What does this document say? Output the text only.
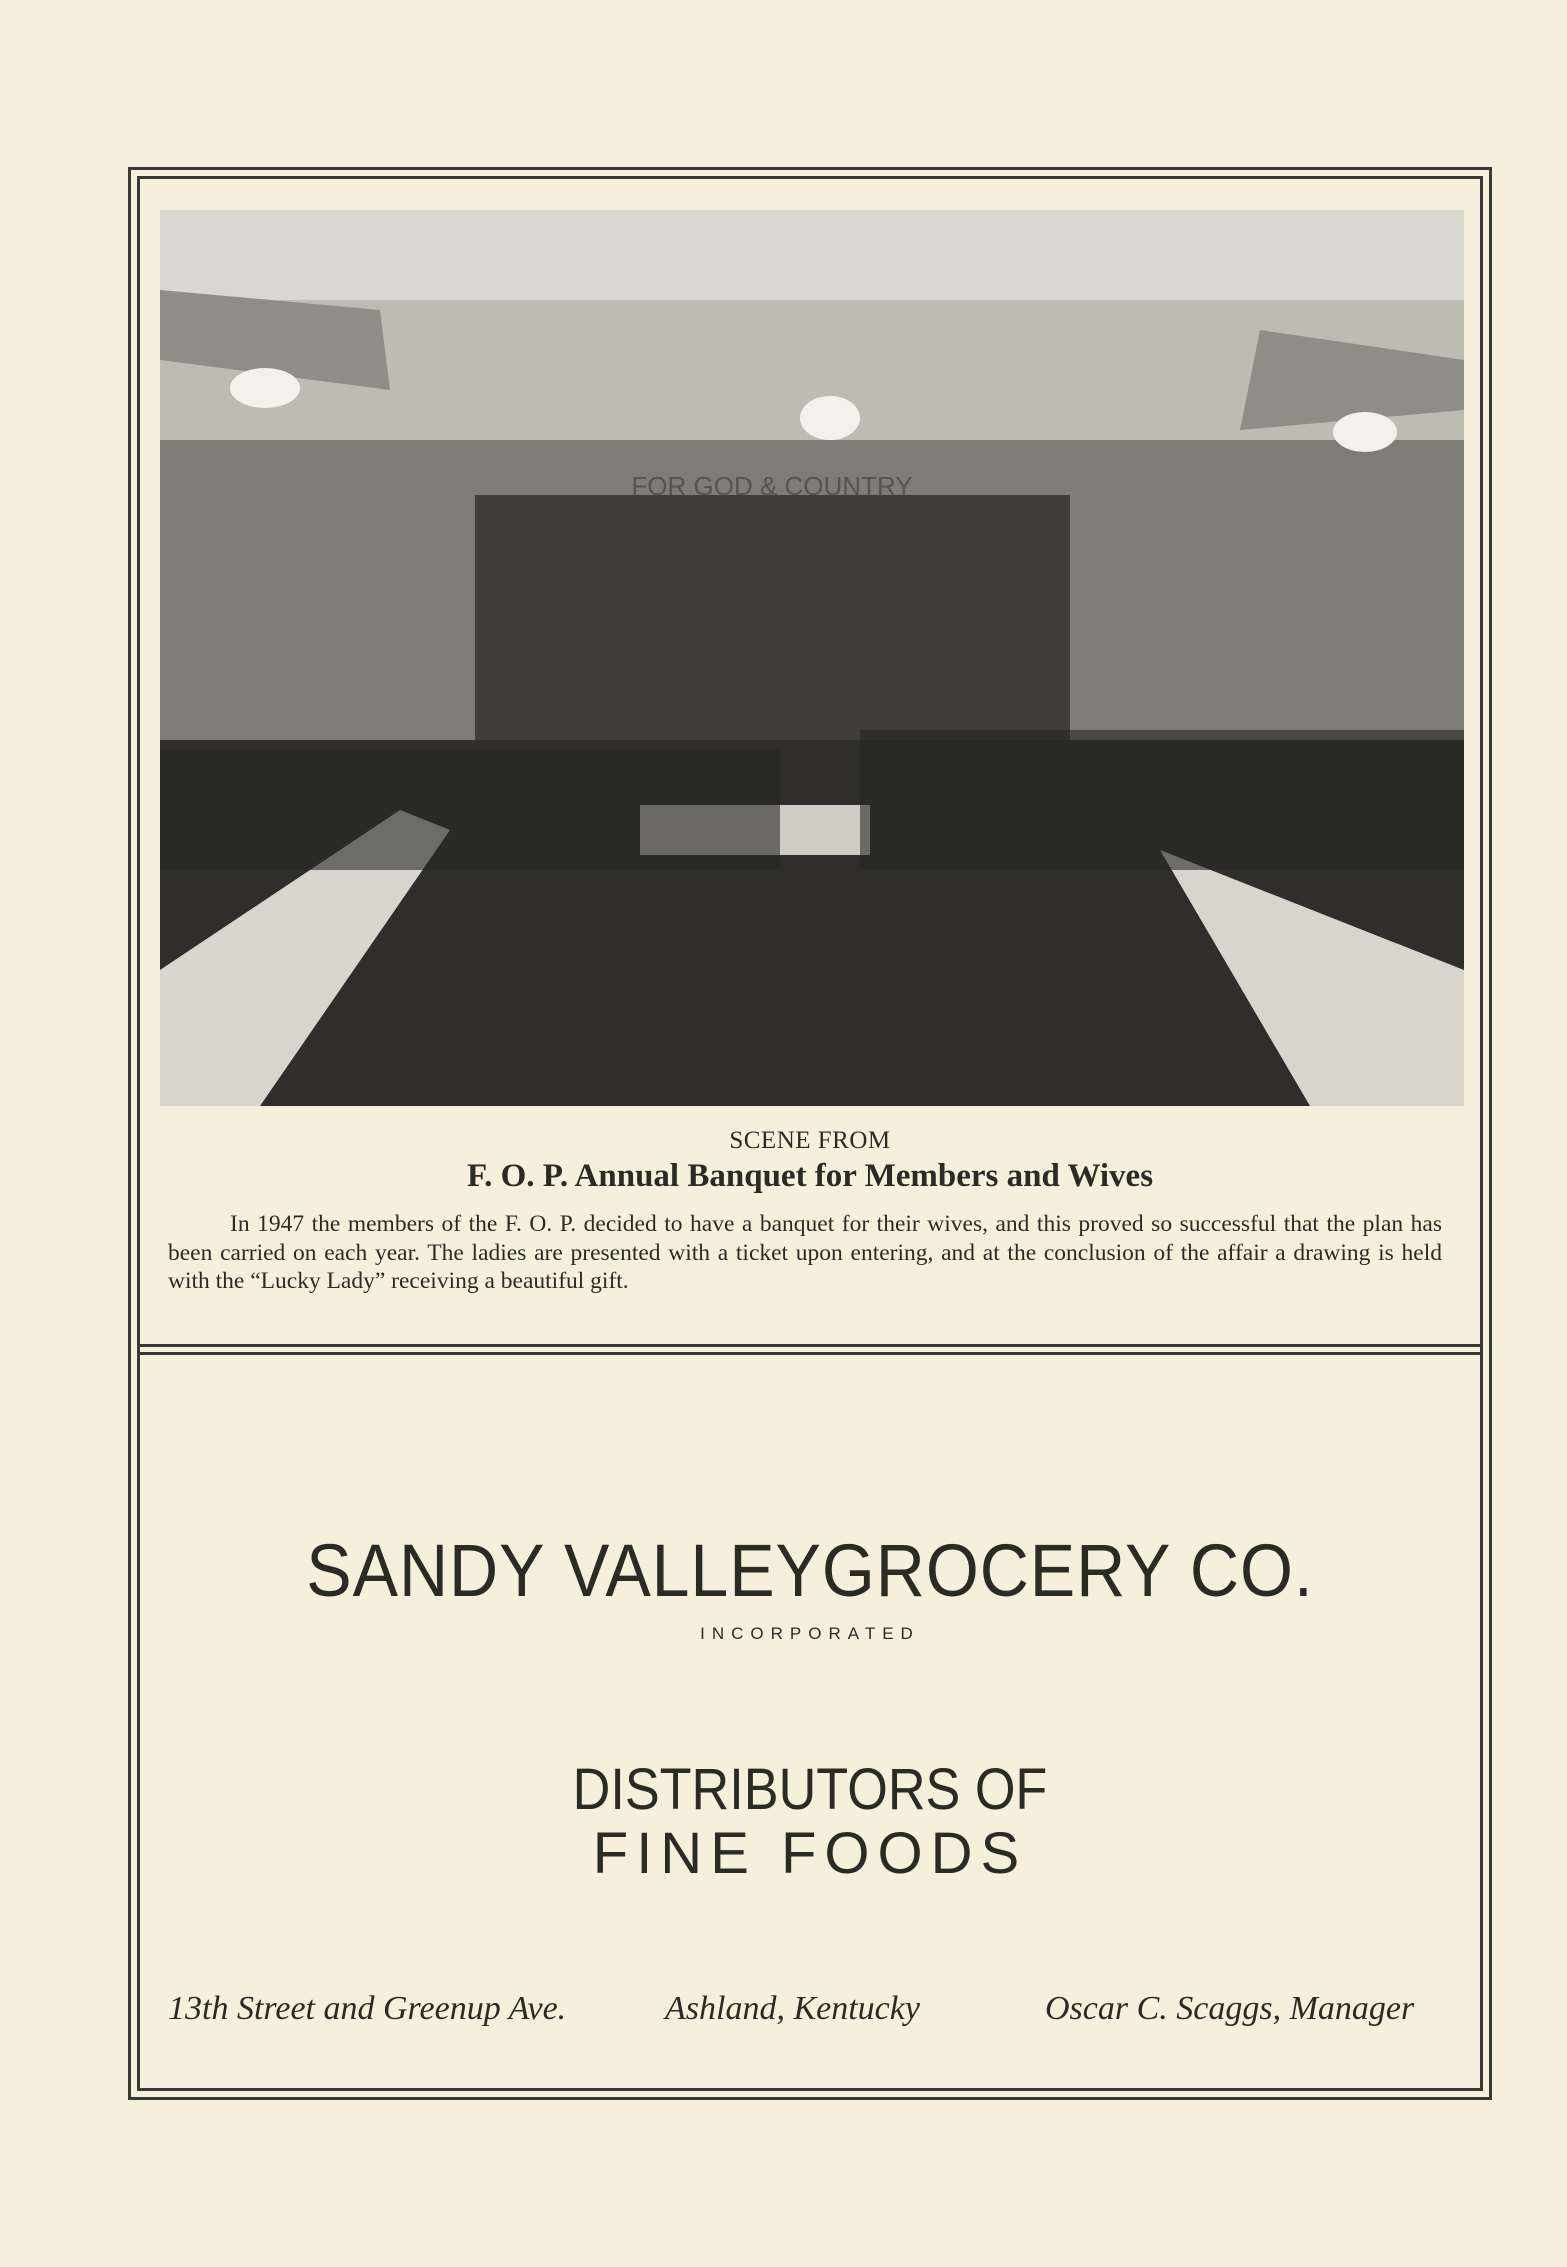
FOR GOD & COUNTRY
SCENE FROM
F. O. P. Annual Banquet for Members and Wives
In 1947 the members of the F. O. P. decided to have a banquet for their wives, and this proved so successful that the plan has been carried on each year. The ladies are presented with a ticket upon entering, and at the conclusion of the affair a drawing is held with the “Lucky Lady” receiving a beautiful gift.
SANDY VALLEYGROCERY CO.
INCORPORATED
DISTRIBUTORS OF
FINE FOODS
13th Street and Greenup Ave.	Ashland, Kentucky	Oscar C. Scaggs, Manager
